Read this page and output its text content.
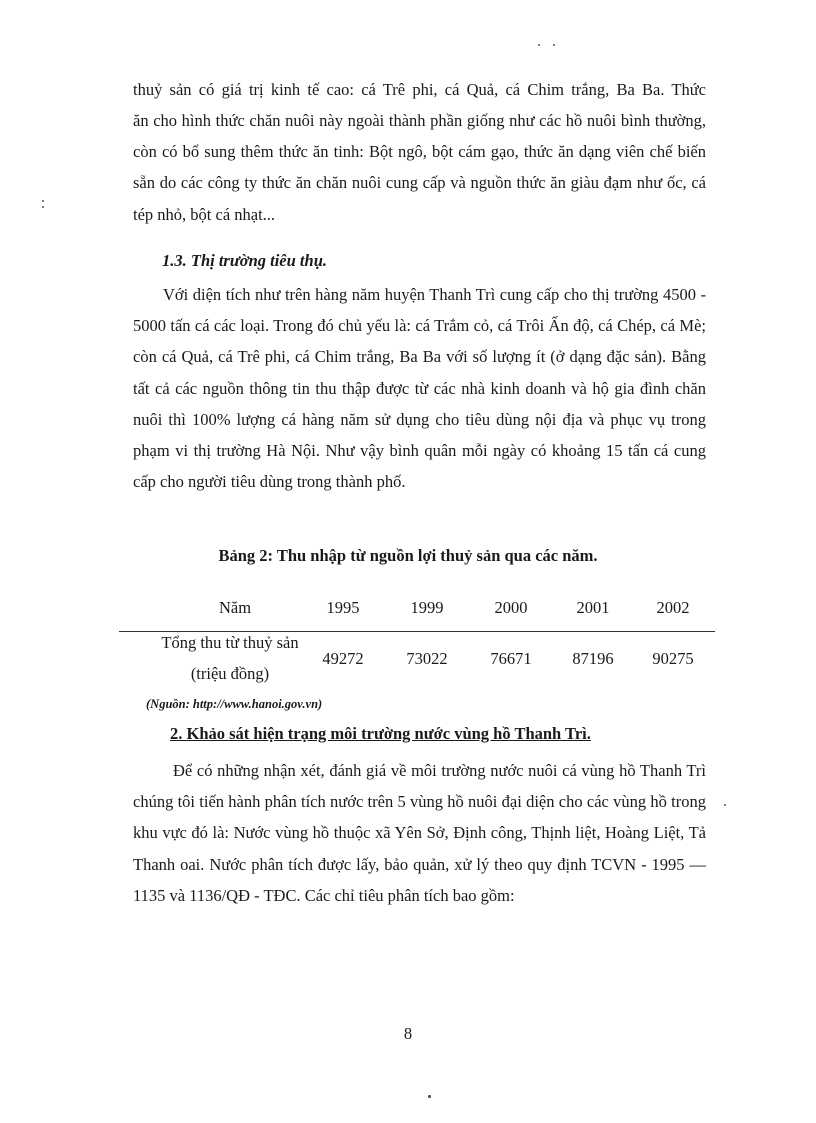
thuỷ sản có giá trị kinh tế cao: cá Trê phi, cá Quả, cá Chim trắng, Ba Ba. Thức

ăn cho hình thức chăn nuôi này ngoài thành phần giống như các hồ nuôi bình thường, còn có bổ sung thêm thức ăn tinh: Bột ngô, bột cám gạo, thức ăn dạng viên chế biến sẵn do các công ty thức ăn chăn nuôi cung cấp và nguồn thức ăn giàu đạm như ốc, cá tép nhỏ, bột cá nhạt...

1.3. Thị trường tiêu thụ.

Với diện tích như trên hàng năm huyện Thanh Trì cung cấp cho thị trường 4500 - 5000 tấn cá các loại. Trong đó chủ yếu là: cá Trắm cỏ, cá Trôi Ấn độ, cá Chép, cá Mè; còn cá Quả, cá Trê phi, cá Chim trắng, Ba Ba với số lượng ít (ở dạng đặc sản). Bằng tất cả các nguồn thông tin thu thập được từ các nhà kinh doanh và hộ gia đình chăn nuôi thì 100% lượng cá hàng năm sử dụng cho tiêu dùng nội địa và phục vụ trong phạm vi thị trường Hà Nội. Như vậy bình quân mỗi ngày có khoảng 15 tấn cá cung cấp cho người tiêu dùng trong thành phố.

Bảng 2: Thu nhập từ nguồn lợi thuỷ sản qua các năm.

Năm	1995	1999	2000	2001	2002
Tổng thu từ thuỷ sản
(triệu đồng)
49272	73022	76671	87196	90275

(Nguồn: http://www.hanoi.gov.vn)

2. Khảo sát hiện trạng môi trường nước vùng hồ Thanh Trì.

Để có những nhận xét, đánh giá về môi trường nước nuôi cá vùng hồ Thanh Trì chúng tôi tiến hành phân tích nước trên 5 vùng hồ nuôi đại diện cho các vùng hồ trong khu vực đó là: Nước vùng hồ thuộc xã Yên Sở, Định công, Thịnh liệt, Hoàng Liệt, Tả Thanh oai. Nước phân tích được lấy, bảo quản, xử lý theo quy định TCVN - 1995 — 1135 và 1136/QĐ - TĐC. Các chỉ tiêu phân tích bao gồm:

8
